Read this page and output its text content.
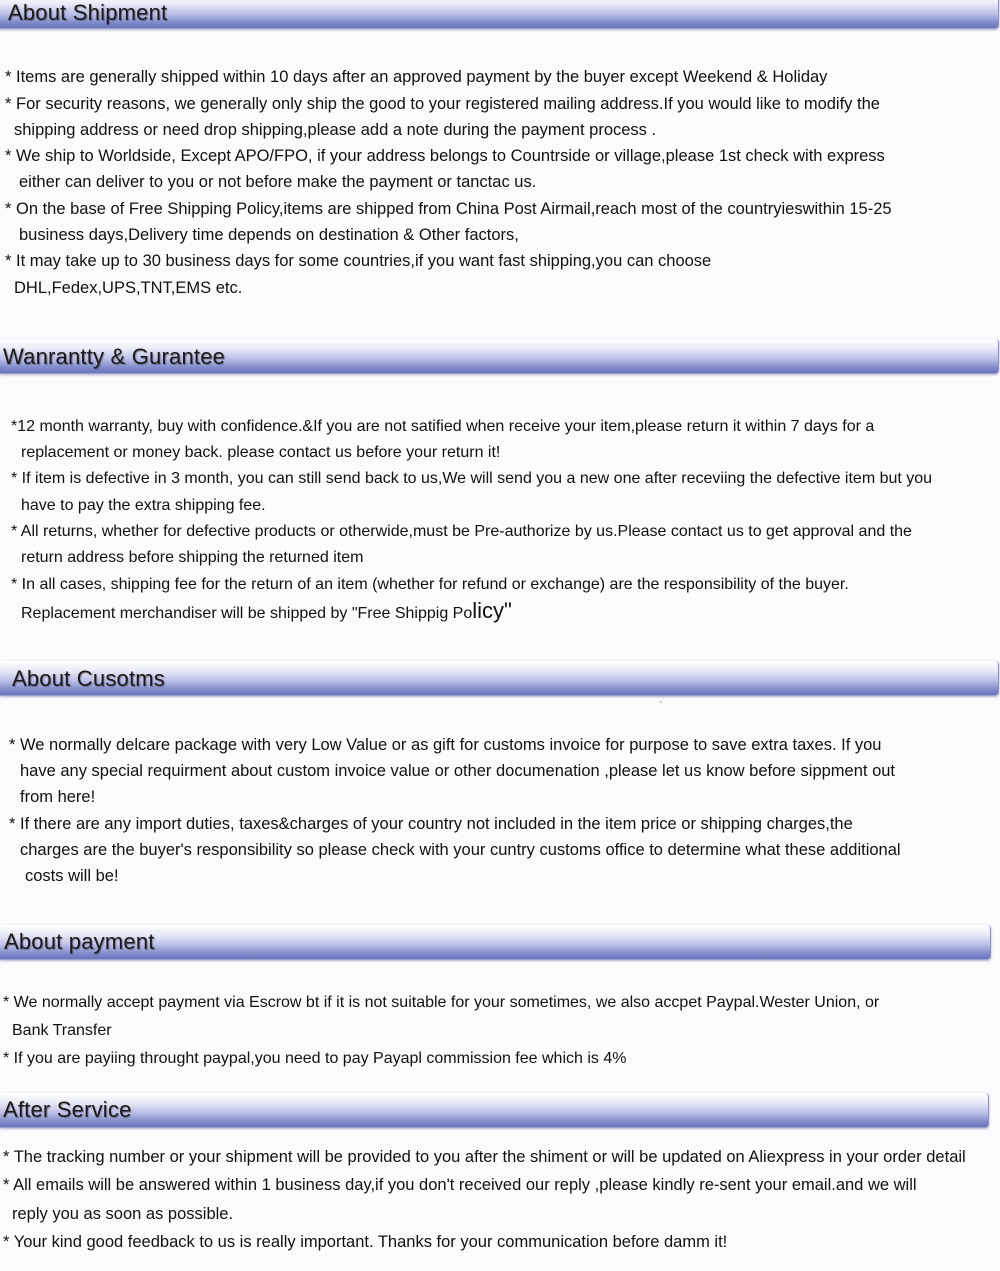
About Shipment
* Items are generally shipped within 10 days after an approved payment by the buyer except Weekend & Holiday
* For security reasons, we generally only ship the good to your registered mailing address.If you would like to modify the
shipping address or need drop shipping,please add a note during the payment process .
* We ship to Worldside, Except APO/FPO, if your address belongs to Countrside or village,please 1st check with express
either can deliver to you or not before make the payment or tanctac us.
* On the base of Free Shipping Policy,items are shipped from China Post Airmail,reach most of the countryieswithin 15-25
business days,Delivery time depends on destination & Other factors,
* It may take up to 30 business days for some countries,if you want fast shipping,you can choose
DHL,Fedex,UPS,TNT,EMS etc.
Wanrantty & Gurantee
*12 month warranty, buy with confidence.&If you are not satified when receive your item,please return it within 7 days for a
replacement or money back. please contact us before your return it!
* If item is defective in 3 month, you can still send back to us,We will send you a new one after receviing the defective item but you
have to pay the extra shipping fee.
* All returns, whether for defective products or otherwide,must be Pre-authorize by us.Please contact us to get approval and the
return address before shipping the returned item
* In all cases, shipping fee for the return of an item (whether for refund or exchange) are the responsibility of the buyer.
Replacement merchandiser will be shipped by "Free Shippig Policy"
About Cusotms
'
* We normally delcare package with very Low Value or as gift for customs invoice for purpose to save extra taxes. If you
have any special requirment about custom invoice value or other documenation ,please let us know before sippment out
from here!
* If there are any import duties, taxes&charges of your country not included in the item price or shipping charges,the
charges are the buyer's responsibility so please check with your cuntry customs office to determine what these additional
costs will be!
About payment
* We normally accept payment via Escrow bt if it is not suitable for your sometimes, we also accpet Paypal.Wester Union, or
Bank Transfer
* If you are payiing throught paypal,you need to pay Payapl commission fee which is 4%
After Service
* The tracking number or your shipment will be provided to you after the shiment or will be updated on Aliexpress in your order detail
* All emails will be answered within 1 business day,if you don't received our reply ,please kindly re-sent your email.and we will
reply you as soon as possible.
* Your kind good feedback to us is really important. Thanks for your communication before damm it!
